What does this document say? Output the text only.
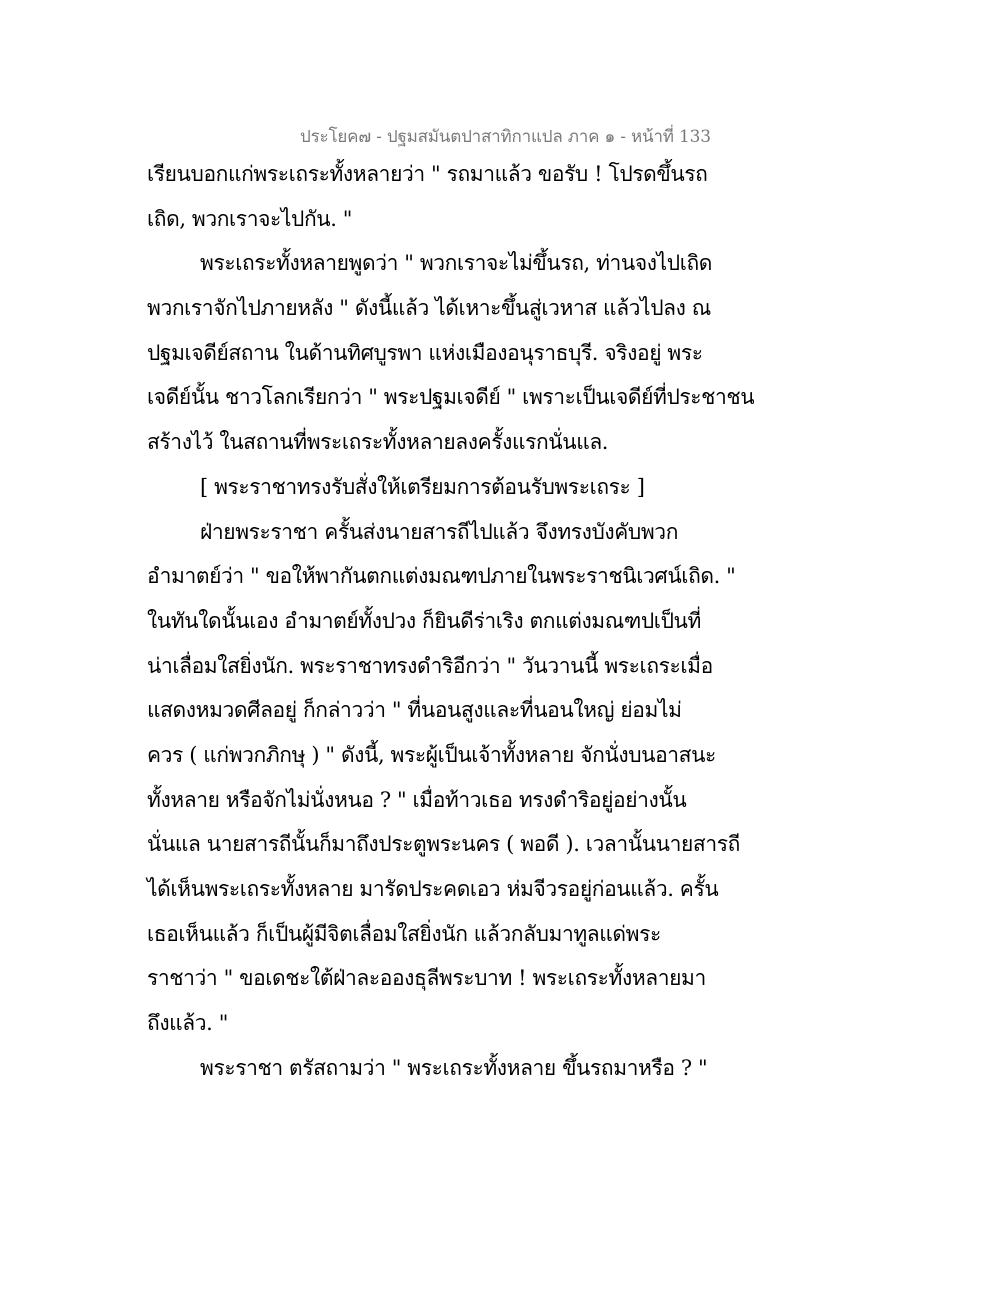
ประโยค๗ - ปฐมสมันตปาสาทิกาแปล ภาค ๑ - หน้าที่ 133
เรียนบอกแก่พระเถระทั้งหลายว่า " รถมาแล้ว ขอรับ ! โปรดขึ้นรถ
เถิด, พวกเราจะไปกัน. "
พระเถระทั้งหลายพูดว่า " พวกเราจะไม่ขึ้นรถ, ท่านจงไปเถิด
พวกเราจักไปภายหลัง " ดังนี้แล้ว ได้เหาะขึ้นสู่เวหาส แล้วไปลง ณ
ปฐมเจดีย์สถาน ในด้านทิศบูรพา แห่งเมืองอนุราธบุรี. จริงอยู่ พระ
เจดีย์นั้น ชาวโลกเรียกว่า " พระปฐมเจดีย์ " เพราะเป็นเจดีย์ที่ประชาชน
สร้างไว้ ในสถานที่พระเถระทั้งหลายลงครั้งแรกนั่นแล.
[ พระราชาทรงรับสั่งให้เตรียมการต้อนรับพระเถระ ]
ฝ่ายพระราชา ครั้นส่งนายสารถีไปแล้ว จึงทรงบังคับพวก
อำมาตย์ว่า " ขอให้พากันตกแต่งมณฑปภายในพระราชนิเวศน์เถิด. "
ในทันใดนั้นเอง อำมาตย์ทั้งปวง ก็ยินดีร่าเริง ตกแต่งมณฑปเป็นที่
น่าเลื่อมใสยิ่งนัก. พระราชาทรงดำริอีกว่า " วันวานนี้ พระเถระเมื่อ
แสดงหมวดศีลอยู่ ก็กล่าวว่า " ที่นอนสูงและที่นอนใหญ่ ย่อมไม่
ควร ( แก่พวกภิกษุ ) " ดังนี้, พระผู้เป็นเจ้าทั้งหลาย จักนั่งบนอาสนะ
ทั้งหลาย หรือจักไม่นั่งหนอ ? " เมื่อท้าวเธอ ทรงดำริอยู่อย่างนั้น
นั่นแล นายสารถีนั้นก็มาถึงประตูพระนคร ( พอดี ). เวลานั้นนายสารถี
ได้เห็นพระเถระทั้งหลาย มารัดประคดเอว ห่มจีวรอยู่ก่อนแล้ว. ครั้น
เธอเห็นแล้ว ก็เป็นผู้มีจิตเลื่อมใสยิ่งนัก แล้วกลับมาทูลแด่พระ
ราชาว่า " ขอเดชะใต้ฝ่าละอองธุลีพระบาท ! พระเถระทั้งหลายมา
ถึงแล้ว. "
พระราชา ตรัสถามว่า " พระเถระทั้งหลาย ขึ้นรถมาหรือ ? "
